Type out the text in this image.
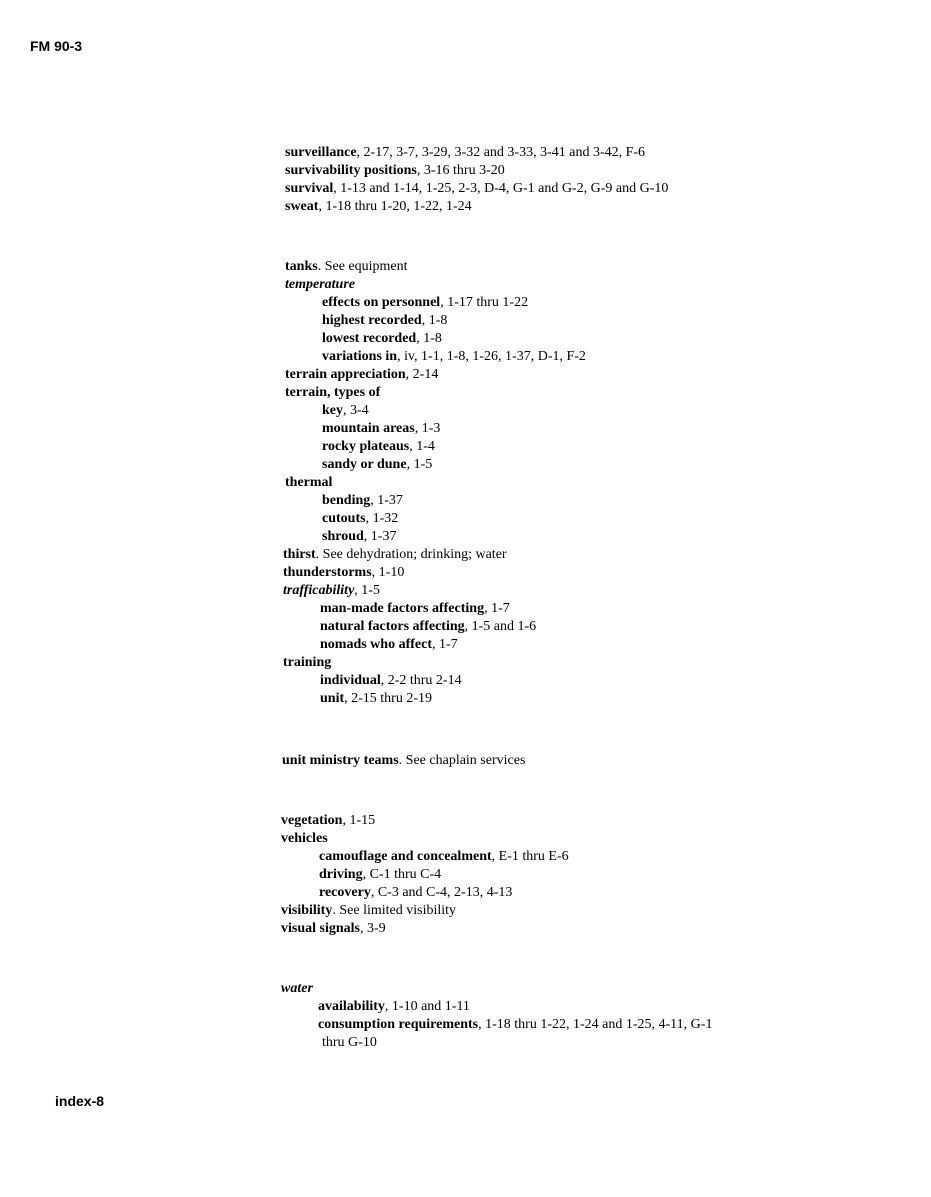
FM 90-3
surveillance, 2-17, 3-7, 3-29, 3-32 and 3-33, 3-41 and 3-42, F-6
survivability positions, 3-16 thru 3-20
survival, 1-13 and 1-14, 1-25, 2-3, D-4, G-1 and G-2, G-9 and G-10
sweat, 1-18 thru 1-20, 1-22, 1-24
tanks. See equipment
temperature
effects on personnel, 1-17 thru 1-22
highest recorded, 1-8
lowest recorded, 1-8
variations in, iv, 1-1, 1-8, 1-26, 1-37, D-1, F-2
terrain appreciation, 2-14
terrain, types of
key, 3-4
mountain areas, 1-3
rocky plateaus, 1-4
sandy or dune, 1-5
thermal
bending, 1-37
cutouts, 1-32
shroud, 1-37
thirst. See dehydration; drinking; water
thunderstorms, 1-10
trafficability, 1-5
man-made factors affecting, 1-7
natural factors affecting, 1-5 and 1-6
nomads who affect, 1-7
training
individual, 2-2 thru 2-14
unit, 2-15 thru 2-19
unit ministry teams. See chaplain services
vegetation, 1-15
vehicles
camouflage and concealment, E-1 thru E-6
driving, C-1 thru C-4
recovery, C-3 and C-4, 2-13, 4-13
visibility. See limited visibility
visual signals, 3-9
water
availability, 1-10 and 1-11
consumption requirements, 1-18 thru 1-22, 1-24 and 1-25, 4-11, G-1
thru G-10
index-8
